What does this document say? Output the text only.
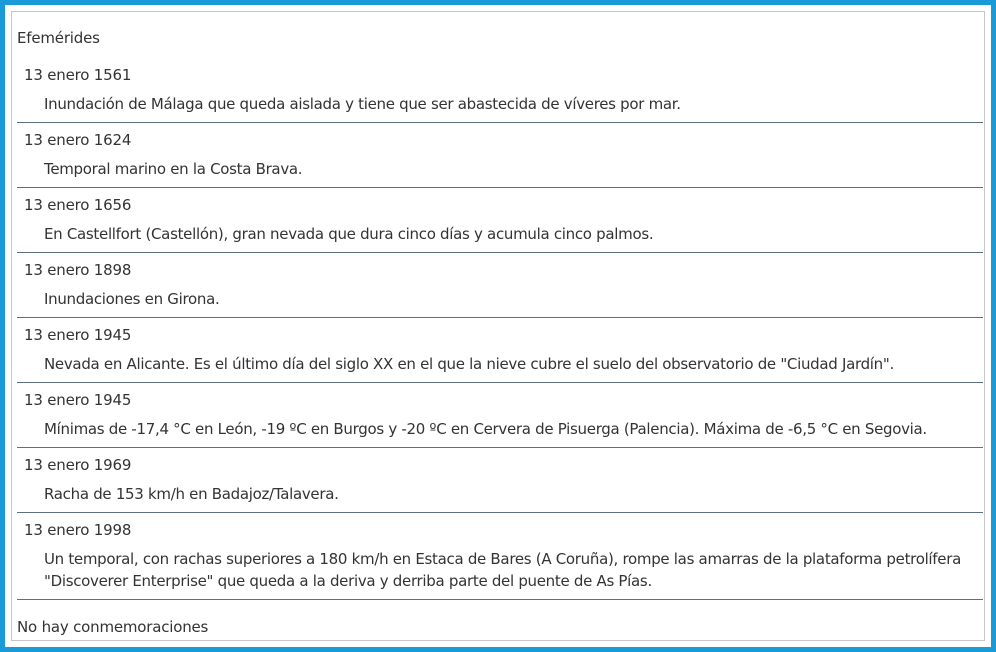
Efemérides
13 enero 1561
Inundación de Málaga que queda aislada y tiene que ser abastecida de víveres por mar.
13 enero 1624
Temporal marino en la Costa Brava.
13 enero 1656
En Castellfort (Castellón), gran nevada que dura cinco días y acumula cinco palmos.
13 enero 1898
Inundaciones en Girona.
13 enero 1945
Nevada en Alicante. Es el último día del siglo XX en el que la nieve cubre el suelo del observatorio de "Ciudad Jardín".
13 enero 1945
Mínimas de -17,4 °C en León, -19 ºC en Burgos y -20 ºC en Cervera de Pisuerga (Palencia). Máxima de -6,5 °C en Segovia.
13 enero 1969
Racha de 153 km/h en Badajoz/Talavera.
13 enero 1998
Un temporal, con rachas superiores a 180 km/h en Estaca de Bares (A Coruña), rompe las amarras de la plataforma petrolífera "Discoverer Enterprise" que queda a la deriva y derriba parte del puente de As Pías.
No hay conmemoraciones
